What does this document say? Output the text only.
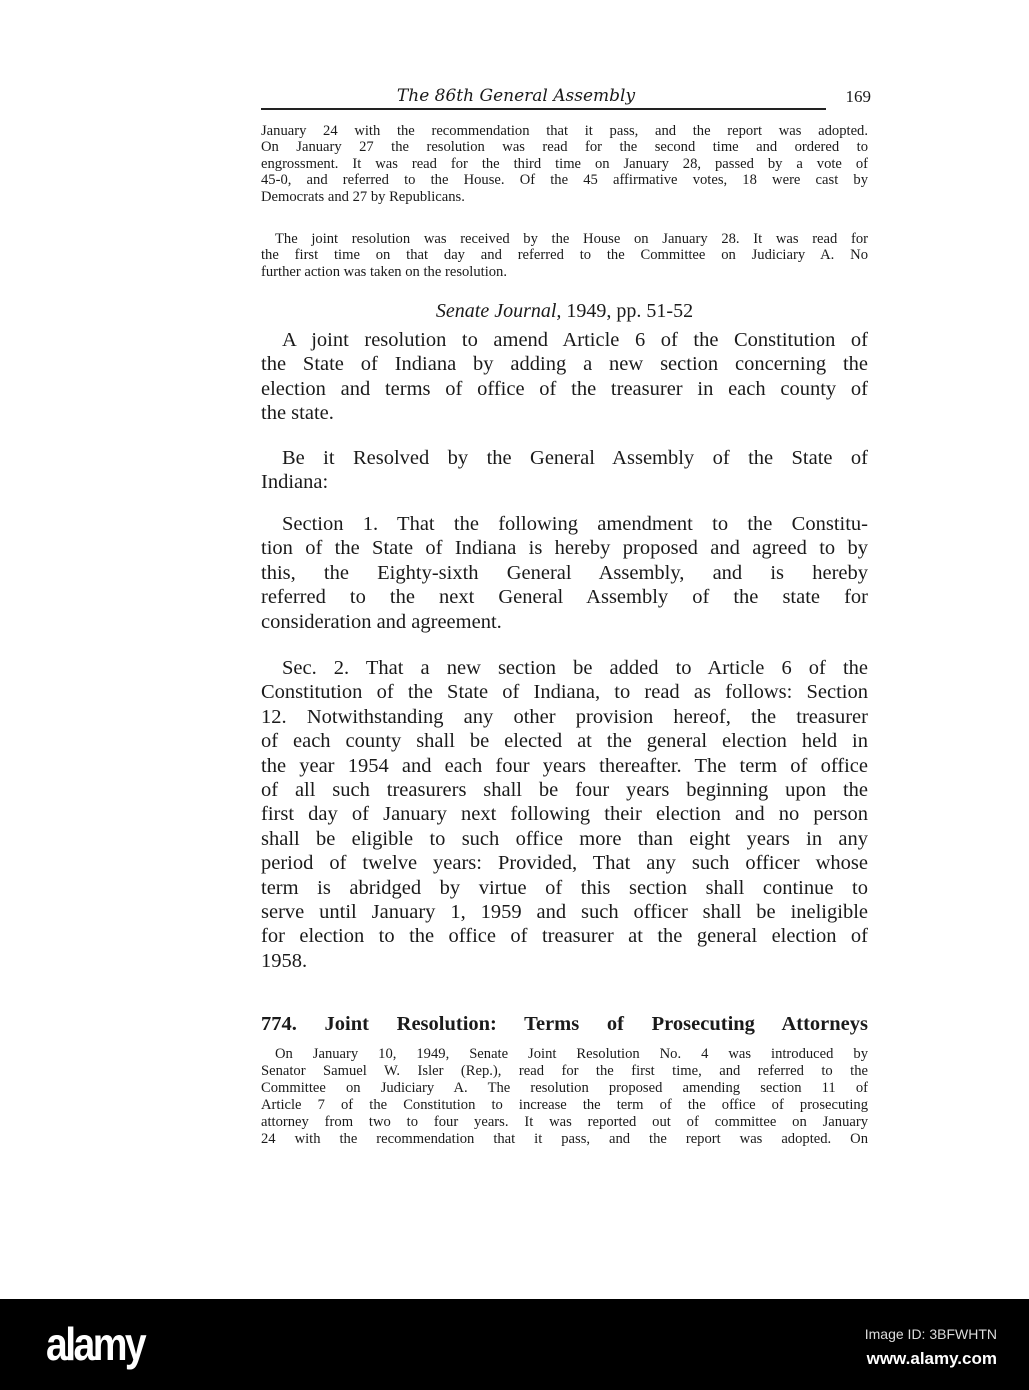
The 86th General Assembly	169
January 24 with the recommendation that it pass, and the report was adopted.
On January 27 the resolution was read for the second time and ordered to
engrossment. It was read for the third time on January 28, passed by a vote of
45-0, and referred to the House. Of the 45 affirmative votes, 18 were cast by
Democrats and 27 by Republicans.
The joint resolution was received by the House on January 28. It was read for
the first time on that day and referred to the Committee on Judiciary A. No
further action was taken on the resolution.
Senate Journal, 1949, pp. 51-52
A joint resolution to amend Article 6 of the Constitution of
the State of Indiana by adding a new section concerning the
election and terms of office of the treasurer in each county of
the state.
Be it Resolved by the General Assembly of the State of
Indiana:
Section 1. That the following amendment to the Constitu-
tion of the State of Indiana is hereby proposed and agreed to by
this, the Eighty-sixth General Assembly, and is hereby
referred to the next General Assembly of the state for
consideration and agreement.
Sec. 2. That a new section be added to Article 6 of the
Constitution of the State of Indiana, to read as follows: Section
12. Notwithstanding any other provision hereof, the treasurer
of each county shall be elected at the general election held in
the year 1954 and each four years thereafter. The term of office
of all such treasurers shall be four years beginning upon the
first day of January next following their election and no person
shall be eligible to such office more than eight years in any
period of twelve years: Provided, That any such officer whose
term is abridged by virtue of this section shall continue to
serve until January 1, 1959 and such officer shall be ineligible
for election to the office of treasurer at the general election of
1958.
774. Joint Resolution: Terms of Prosecuting Attorneys
On January 10, 1949, Senate Joint Resolution No. 4 was introduced by
Senator Samuel W. Isler (Rep.), read for the first time, and referred to the
Committee on Judiciary A. The resolution proposed amending section 11 of
Article 7 of the Constitution to increase the term of the office of prosecuting
attorney from two to four years. It was reported out of committee on January
24 with the recommendation that it pass, and the report was adopted. On
alamy	Image ID: 3BFWHTN
www.alamy.com
